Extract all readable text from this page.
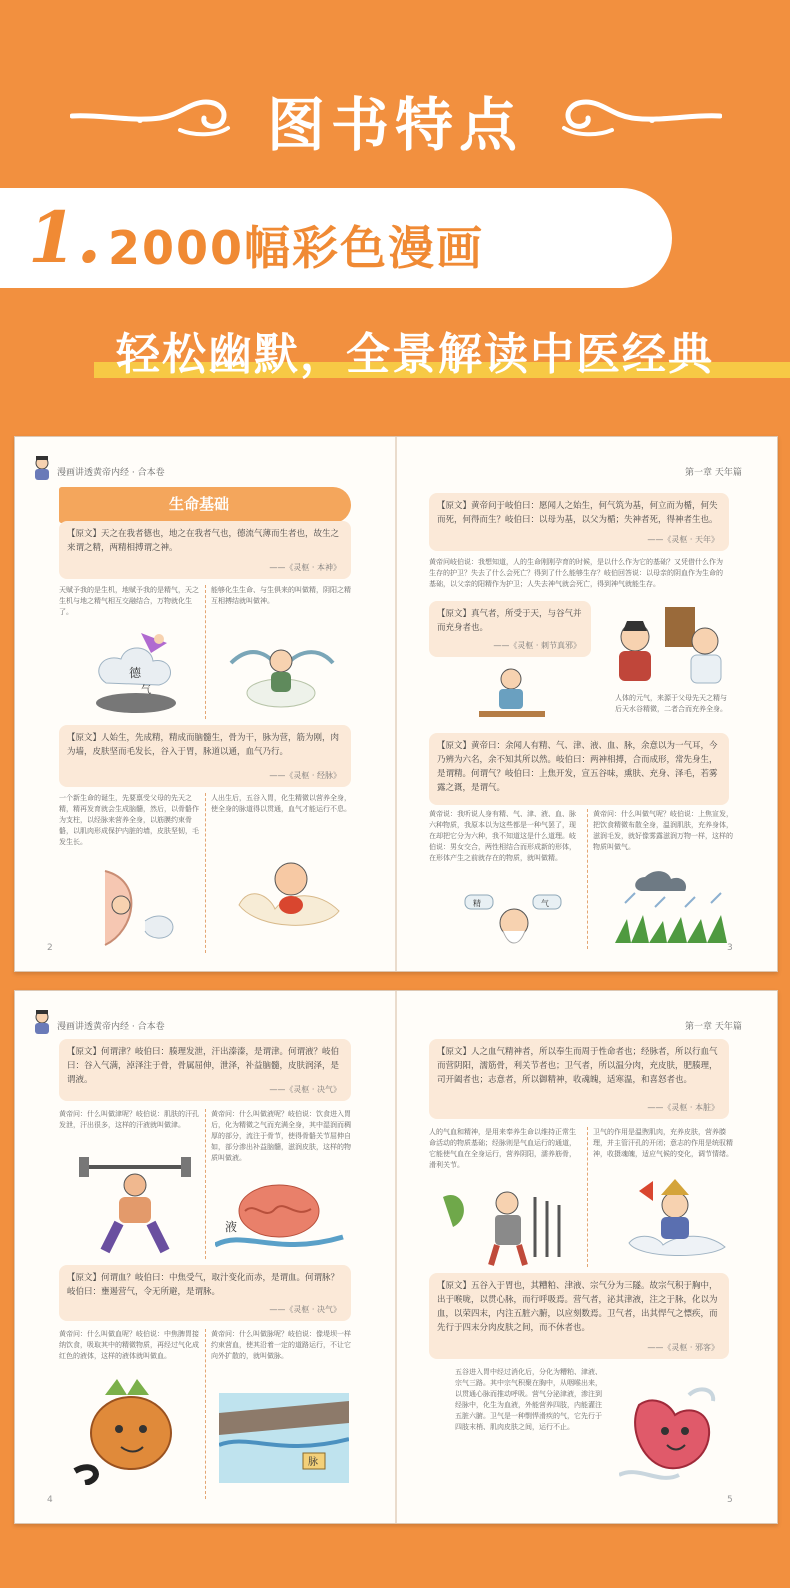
图书特点
1. 2000幅彩色漫画
轻松幽默，全景解读中医经典
漫画讲透黄帝内经 · 合本卷
生命基础
【原文】天之在我者德也，地之在我者气也，德流气薄而生者也，故生之来谓之精，两精相搏谓之神。
——《灵枢 · 本神》
天赋予我的是生机，地赋予我的是精气，天之生机与地之精气相互交融结合，万物就化生了。
能够化生生命、与生俱来的叫做精，阴阳之精互相搏结就叫做神。
德
气
【原文】人始生，先成精，精成而脑髓生，骨为干，脉为营，筋为刚，肉为墙，皮肤坚而毛发长，谷入于胃，脉道以通，血气乃行。
——《灵枢 · 经脉》
一个新生命的诞生，先要禀受父母的先天之精，精再发育就会生成脑髓，然后，以骨骼作为支柱，以经脉来营养全身，以筋膜约束骨骼，以肌肉形成保护内脏的墙，皮肤坚韧，毛发生长。
人出生后，五谷入胃，化生精微以营养全身，使全身的脉道得以贯通，血气才能运行不息。
2
第一章 天年篇
【原文】黄帝问于岐伯曰：愿闻人之始生，何气筑为基，何立而为楯，何失而死，何得而生？岐伯曰：以母为基，以父为楯；失神者死，得神者生也。
——《灵枢 · 天年》
黄帝问岐伯说：我想知道，人的生命刚刚孕育的时候，是以什么作为它的基础？又凭借什么作为生存的护卫？失去了什么会死亡？得到了什么能够生存？岐伯回答说：以母亲的阴血作为生命的基础，以父亲的阳精作为护卫；人失去神气就会死亡，得到神气就能生存。
【原文】真气者，所受于天，与谷气并而充身者也。
——《灵枢 · 刺节真邪》
人体的元气，来源于父母先天之精与后天水谷精微，二者合而充养全身。
【原文】黄帝曰：余闻人有精、气、津、液、血、脉，余意以为一气耳，今乃辨为六名，余不知其所以然。岐伯曰：两神相搏，合而成形，常先身生，是谓精。何谓气？岐伯曰：上焦开发，宣五谷味，熏肤、充身、泽毛，若雾露之溉，是谓气。
黄帝说：我听说人身有精、气、津、液、血、脉六种物质，我原本以为这些都是一种气罢了，现在却把它分为六种，我不知道这是什么道理。岐伯说：男女交合，两性相结合而形成新的形体，在形体产生之前就存在的物质，就叫做精。
黄帝问：什么叫做气呢？岐伯说：上焦宣发，把饮食精微布散全身，温润肌肤，充养身体，滋润毛发，就好像雾露滋润万物一样，这样的物质叫做气。
精	气
3
漫画讲透黄帝内经 · 合本卷
【原文】何谓津？岐伯曰：腠理发泄，汗出溱溱，是谓津。何谓液？岐伯曰：谷入气满，淖泽注于骨，骨属屈伸，泄泽，补益脑髓，皮肤润泽，是谓液。
——《灵枢 · 决气》
黄帝问：什么叫做津呢？岐伯说：肌肤的汗孔发泄，汗出很多，这样的汗液就叫做津。
黄帝问：什么叫做液呢？岐伯说：饮食进入胃后，化为精微之气而充满全身，其中湿润而稠厚的部分，流注于骨节，使得骨骼关节屈伸自如，部分渗出补益脑髓，滋润皮肤，这样的物质叫做液。
液
【原文】何谓血？岐伯曰：中焦受气，取汁变化而赤，是谓血。何谓脉？岐伯曰：壅遏营气，令无所避，是谓脉。
——《灵枢 · 决气》
黄帝问：什么叫做血呢？岐伯说：中焦脾胃接纳饮食，吸取其中的精微物质，再经过气化成红色的液体，这样的液体就叫做血。
黄帝问：什么叫做脉呢？岐伯说：像堤坝一样约束营血，使其沿着一定的道路运行，不让它向外扩散的，就叫做脉。
脉
4
第一章 天年篇
【原文】人之血气精神者，所以奉生而周于性命者也；经脉者，所以行血气而营阴阳，濡筋骨，利关节者也；卫气者，所以温分肉，充皮肤，肥腠理，司开阖者也；志意者，所以御精神，收魂魄，适寒温，和喜怒者也。
——《灵枢 · 本脏》
人的气血和精神，是用来奉养生命以维持正常生命活动的物质基础；经脉则是气血运行的通道，它能使气血在全身运行，营养阴阳，濡养筋骨，滑利关节。
卫气的作用是温煦肌肉，充养皮肤，营养腠理，并主管汗孔的开闭；意志的作用是统驭精神，收摄魂魄，适应气候的变化，调节情绪。
【原文】五谷入于胃也，其糟粕、津液、宗气分为三隧。故宗气积于胸中，出于喉咙，以贯心脉，而行呼吸焉。营气者，泌其津液，注之于脉，化以为血，以荣四末，内注五脏六腑，以应刻数焉。卫气者，出其悍气之慓疾，而先行于四末分肉皮肤之间，而不休者也。
——《灵枢 · 邪客》
五谷进入胃中经过消化后，分化为糟粕、津液、宗气三路。其中宗气积聚在胸中，从咽喉出来，以贯通心脉而推动呼吸。营气分泌津液，渗注到经脉中，化生为血液，外能营养四肢，内能灌注五脏六腑。卫气是一种剽悍滑疾的气，它先行于四肢末梢、肌肉皮肤之间，运行不止。
5
